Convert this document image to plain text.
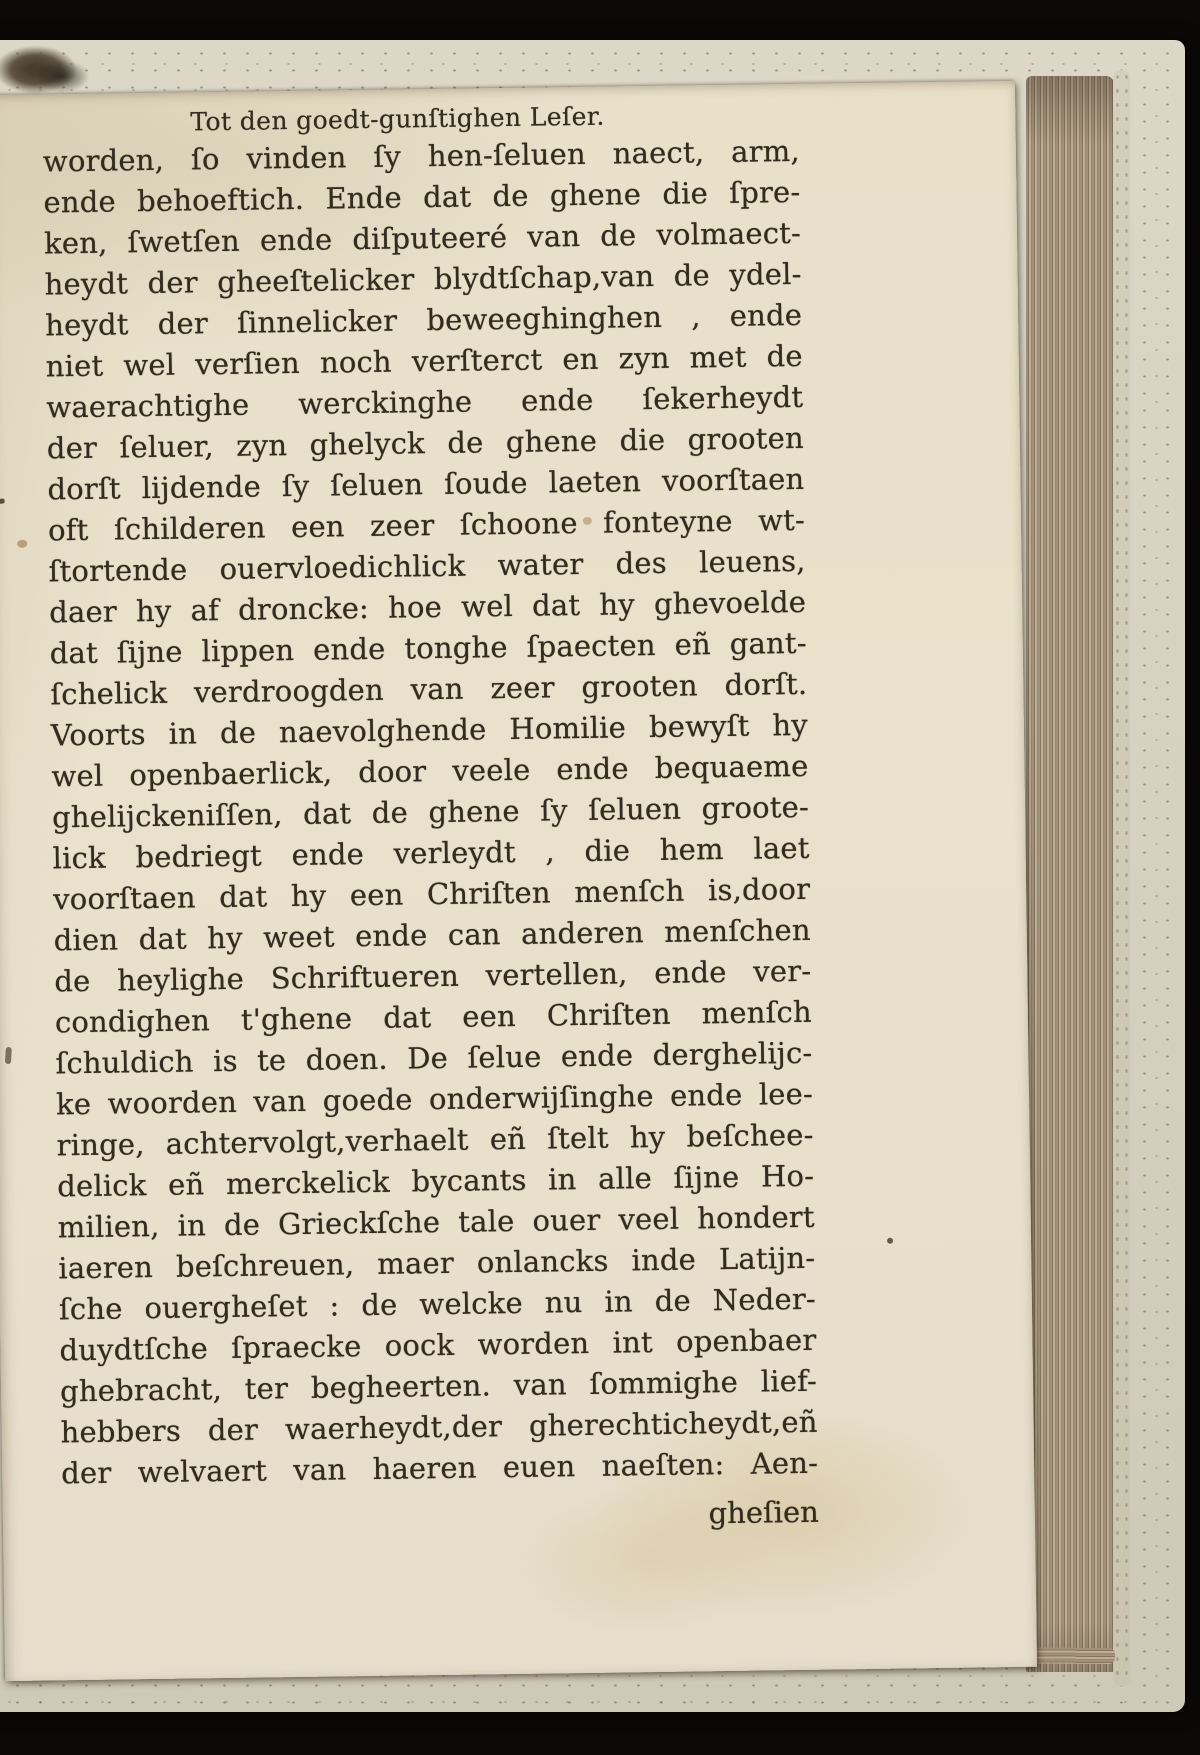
Tot den goedt-gunſtighen Leſer.
worden, ſo vinden ſy hen-ſeluen naect, arm,
ende behoeftich. Ende dat de ghene die ſpre-
ken, ſwetſen ende diſputeeré van de volmaect-
heydt der gheeſtelicker blydtſchap,van de ydel-
heydt der ſinnelicker beweeghinghen , ende
niet wel verſien noch verſterct en zyn met de
waerachtighe werckinghe ende ſekerheydt
der ſeluer, zyn ghelyck de ghene die grooten
dorſt lijdende ſy ſeluen ſoude laeten voorſtaen
oft ſchilderen een zeer ſchoone fonteyne wt-
ſtortende ouervloedichlick water des leuens,
daer hy af droncke: hoe wel dat hy ghevoelde
dat ſijne lippen ende tonghe ſpaecten eñ gant-
ſchelick verdroogden van zeer grooten dorſt.
Voorts in de naevolghende Homilie bewyſt hy
wel openbaerlick, door veele ende bequaeme
ghelijckeniſſen, dat de ghene ſy ſeluen groote-
lick bedriegt ende verleydt , die hem laet
voorſtaen dat hy een Chriſten menſch is,door
dien dat hy weet ende can anderen menſchen
de heylighe Schriftueren vertellen, ende ver-
condighen t'ghene dat een Chriſten menſch
ſchuldich is te doen. De ſelue ende derghelijc-
ke woorden van goede onderwijſinghe ende lee-
ringe, achtervolgt,verhaelt eñ ſtelt hy beſchee-
delick eñ merckelick bycants in alle ſijne Ho-
milien, in de Grieckſche tale ouer veel hondert
iaeren beſchreuen, maer onlancks inde Latijn-
ſche ouergheſet : de welcke nu in de Neder-
duydtſche ſpraecke oock worden int openbaer
ghebracht, ter begheerten. van ſommighe lief-
hebbers der waerheydt,der gherechticheydt,eñ
der welvaert van haeren euen naeſten: Aen-
gheſien
